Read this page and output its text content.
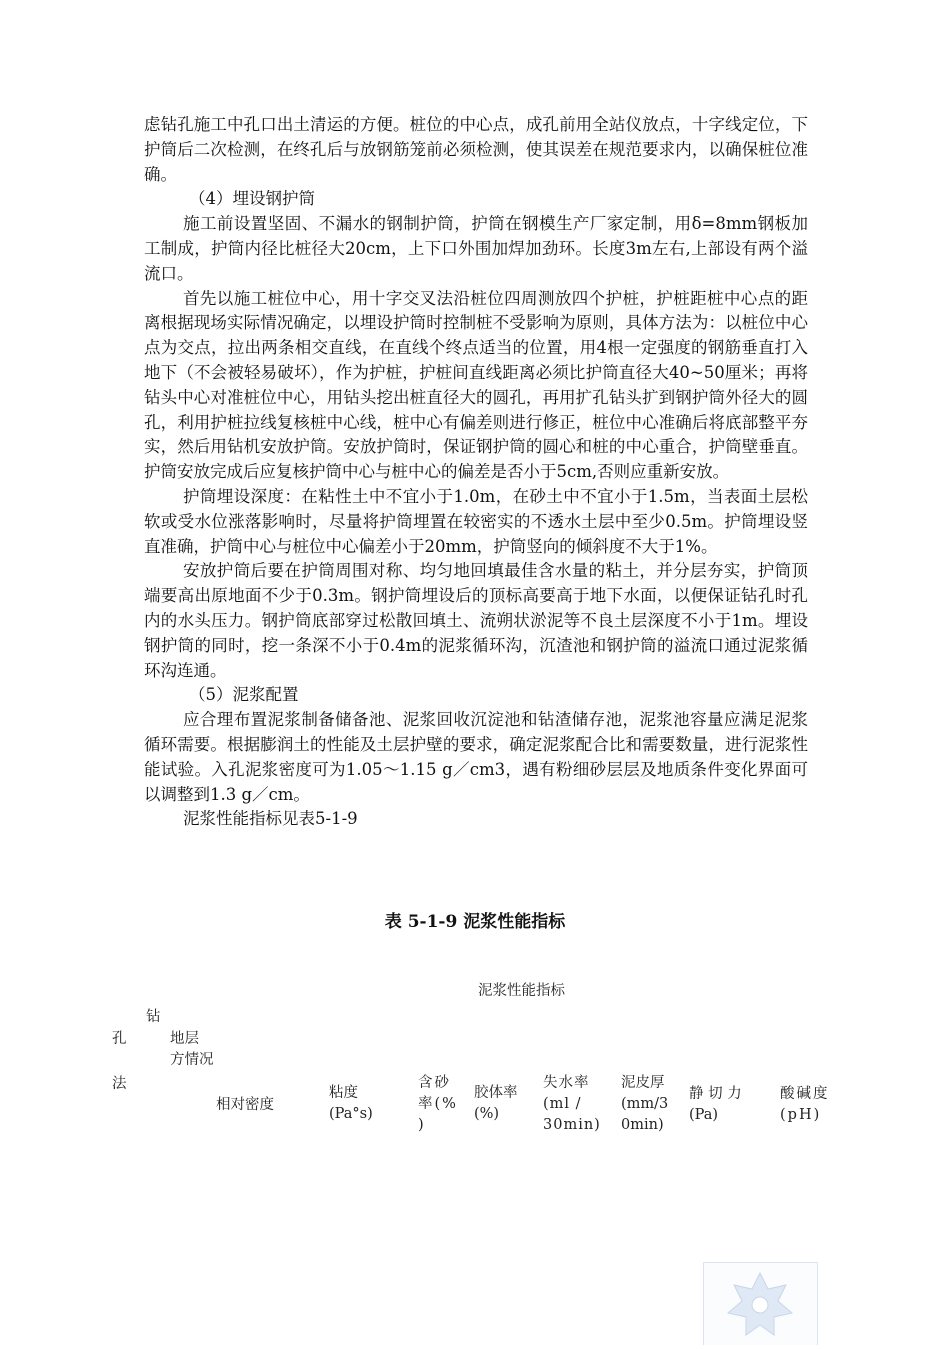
虑钻孔施工中孔口出土清运的方便。桩位的中心点，成孔前用全站仪放点，十字线定位，下护筒后二次检测，在终孔后与放钢筋笼前必须检测，使其误差在规范要求内，以确保桩位准确。

（4）埋设钢护筒

施工前设置坚固、不漏水的钢制护筒，护筒在钢模生产厂家定制，用δ=8mm钢板加工制成，护筒内径比桩径大20cm，上下口外围加焊加劲环。长度3m左右,上部设有两个溢流口。

首先以施工桩位中心，用十字交叉法沿桩位四周测放四个护桩，护桩距桩中心点的距离根据现场实际情况确定，以埋设护筒时控制桩不受影响为原则，具体方法为：以桩位中心点为交点，拉出两条相交直线，在直线个终点适当的位置，用4根一定强度的钢筋垂直打入地下（不会被轻易破坏），作为护桩，护桩间直线距离必须比护筒直径大40~50厘米；再将钻头中心对准桩位中心，用钻头挖出桩直径大的圆孔，再用扩孔钻头扩到钢护筒外径大的圆孔，利用护桩拉线复核桩中心线，桩中心有偏差则进行修正，桩位中心准确后将底部整平夯实，然后用钻机安放护筒。安放护筒时，保证钢护筒的圆心和桩的中心重合，护筒壁垂直。护筒安放完成后应复核护筒中心与桩中心的偏差是否小于5cm,否则应重新安放。

护筒埋设深度：在粘性土中不宜小于1.0m，在砂土中不宜小于1.5m，当表面土层松软或受水位涨落影响时，尽量将护筒埋置在较密实的不透水土层中至少0.5m。护筒埋设竖直准确，护筒中心与桩位中心偏差小于20mm，护筒竖向的倾斜度不大于1%。

安放护筒后要在护筒周围对称、均匀地回填最佳含水量的粘土，并分层夯实，护筒顶端要高出原地面不少于0.3m。钢护筒埋设后的顶标高要高于地下水面，以便保证钻孔时孔内的水头压力。钢护筒底部穿过松散回填土、流朔状淤泥等不良土层深度不小于1m。埋设钢护筒的同时，挖一条深不小于0.4m的泥浆循环沟，沉渣池和钢护筒的溢流口通过泥浆循环沟连通。

（5）泥浆配置

应合理布置泥浆制备储备池、泥浆回收沉淀池和钻渣储存池，泥浆池容量应满足泥浆循环需要。根据膨润土的性能及土层护壁的要求，确定泥浆配合比和需要数量，进行泥浆性能试验。入孔泥浆密度可为1.05～1.15 g／cm3，遇有粉细砂层层及地质条件变化界面可以调整到1.3 g／cm。

泥浆性能指标见表5-1-9

表 5-1-9 泥浆性能指标
泥浆性能指标
钻
孔
法
地层
方情况
相对密度
粘度
(Pa°s)
含砂
率(%
)
胶体率
(%)
失水率
(ml /
30min)
泥皮厚
(mm/3
0min)
静 切 力
(Pa)
酸碱度
(pH)
